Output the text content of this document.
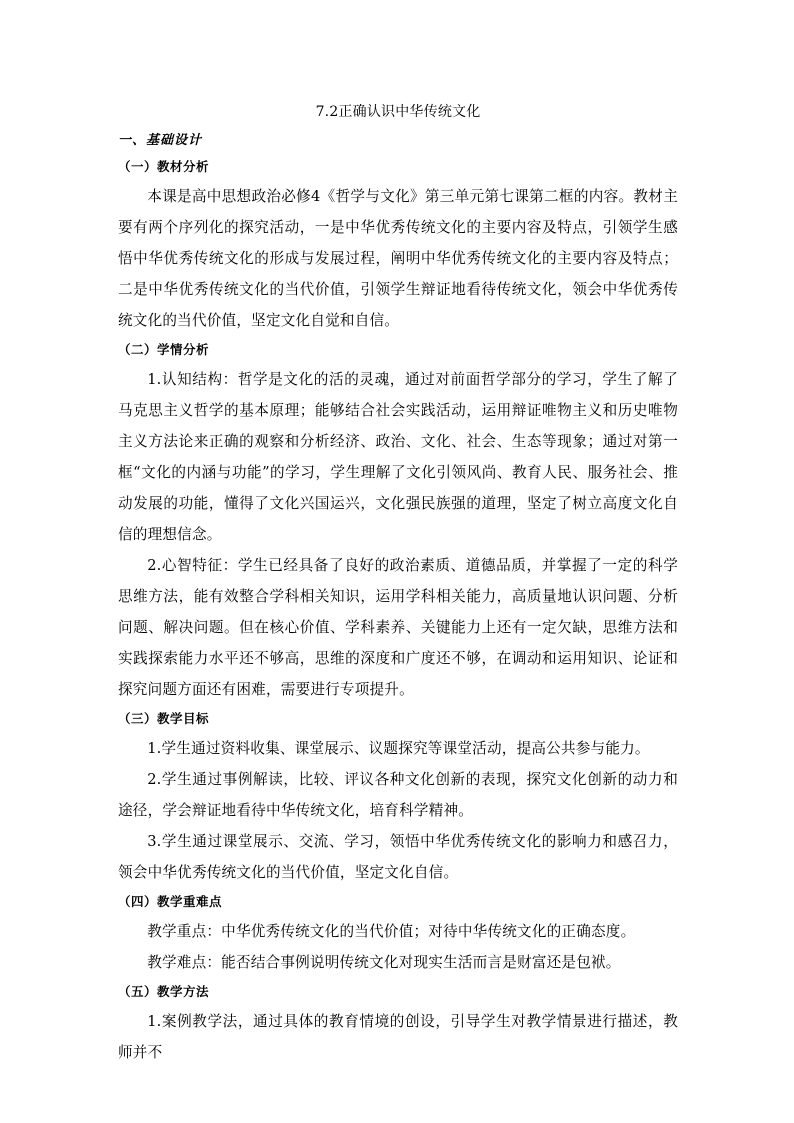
7.2正确认识中华传统文化
一、基础设计
（一）教材分析

本课是高中思想政治必修4《哲学与文化》第三单元第七课第二框的内容。教材主要有两个序列化的探究活动，一是中华优秀传统文化的主要内容及特点，引领学生感悟中华优秀传统文化的形成与发展过程，阐明中华优秀传统文化的主要内容及特点；二是中华优秀传统文化的当代价值，引领学生辩证地看待传统文化，领会中华优秀传统文化的当代价值，坚定文化自觉和自信。

（二）学情分析

1.认知结构：哲学是文化的活的灵魂，通过对前面哲学部分的学习，学生了解了马克思主义哲学的基本原理；能够结合社会实践活动，运用辩证唯物主义和历史唯物主义方法论来正确的观察和分析经济、政治、文化、社会、生态等现象；通过对第一框“文化的内涵与功能”的学习，学生理解了文化引领风尚、教育人民、服务社会、推动发展的功能，懂得了文化兴国运兴，文化强民族强的道理，坚定了树立高度文化自信的理想信念。

2.心智特征：学生已经具备了良好的政治素质、道德品质，并掌握了一定的科学思维方法，能有效整合学科相关知识，运用学科相关能力，高质量地认识问题、分析问题、解决问题。但在核心价值、学科素养、关键能力上还有一定欠缺，思维方法和实践探索能力水平还不够高，思维的深度和广度还不够，在调动和运用知识、论证和探究问题方面还有困难，需要进行专项提升。

（三）教学目标

1.学生通过资料收集、课堂展示、议题探究等课堂活动，提高公共参与能力。

2.学生通过事例解读，比较、评议各种文化创新的表现，探究文化创新的动力和途径，学会辩证地看待中华传统文化，培育科学精神。

3.学生通过课堂展示、交流、学习，领悟中华优秀传统文化的影响力和感召力，领会中华优秀传统文化的当代价值，坚定文化自信。

（四）教学重难点

教学重点：中华优秀传统文化的当代价值；对待中华传统文化的正确态度。

教学难点：能否结合事例说明传统文化对现实生活而言是财富还是包袱。

（五）教学方法

1.案例教学法，通过具体的教育情境的创设，引导学生对教学情景进行描述，教师并不
